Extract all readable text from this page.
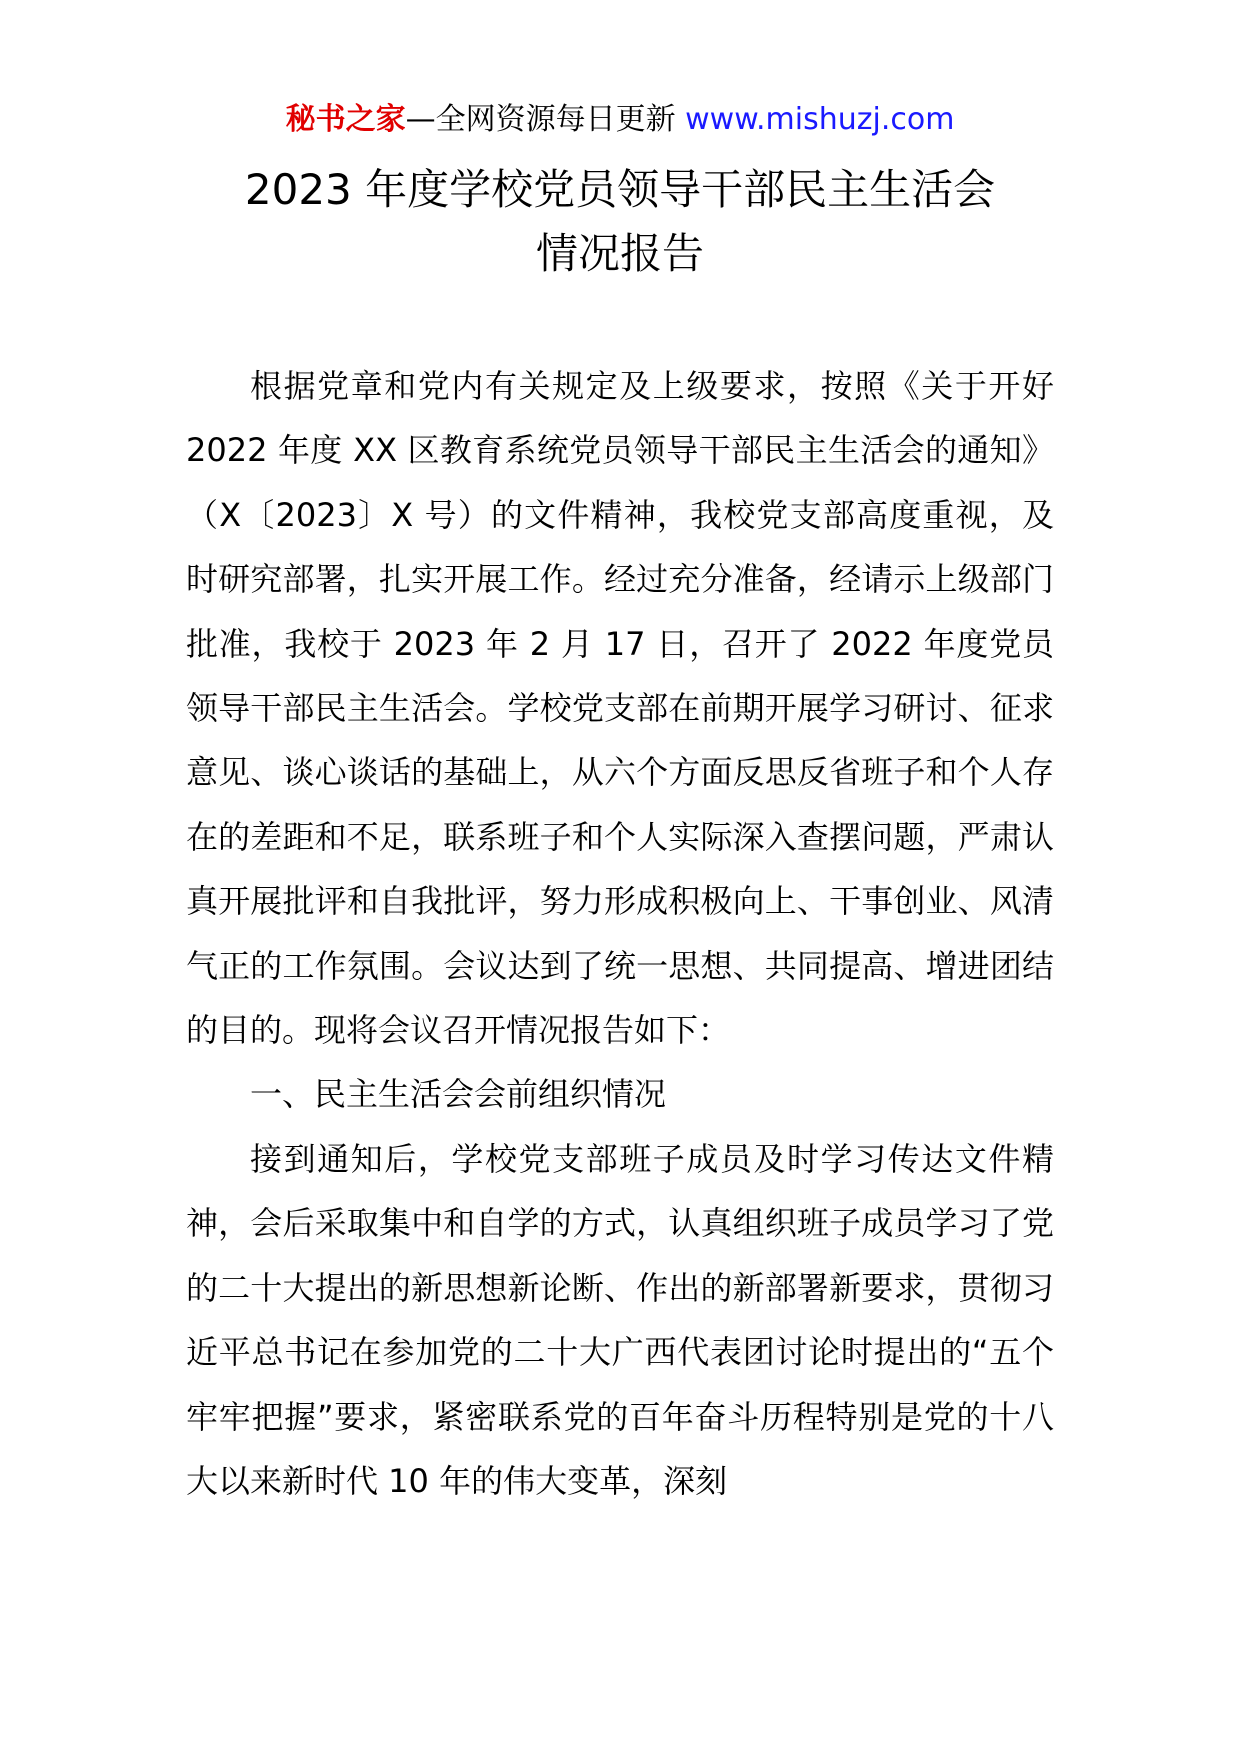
秘书之家—全网资源每日更新 www.mishuzj.com
2023 年度学校党员领导干部民主生活会
情况报告

根据党章和党内有关规定及上级要求，按照《关于开好 2022 年度 XX 区教育系统党员领导干部民主生活会的通知》（X〔2023〕X 号）的文件精神，我校党支部高度重视，及时研究部署，扎实开展工作。经过充分准备，经请示上级部门批准，我校于 2023 年 2 月 17 日，召开了 2022 年度党员领导干部民主生活会。学校党支部在前期开展学习研讨、征求意见、谈心谈话的基础上，从六个方面反思反省班子和个人存在的差距和不足，联系班子和个人实际深入查摆问题，严肃认真开展批评和自我批评，努力形成积极向上、干事创业、风清气正的工作氛围。会议达到了统一思想、共同提高、增进团结的目的。现将会议召开情况报告如下：

一、民主生活会会前组织情况

接到通知后，学校党支部班子成员及时学习传达文件精神，会后采取集中和自学的方式，认真组织班子成员学习了党的二十大提出的新思想新论断、作出的新部署新要求，贯彻习近平总书记在参加党的二十大广西代表团讨论时提出的“五个牢牢把握”要求，紧密联系党的百年奋斗历程特别是党的十八大以来新时代 10 年的伟大变革，深刻
